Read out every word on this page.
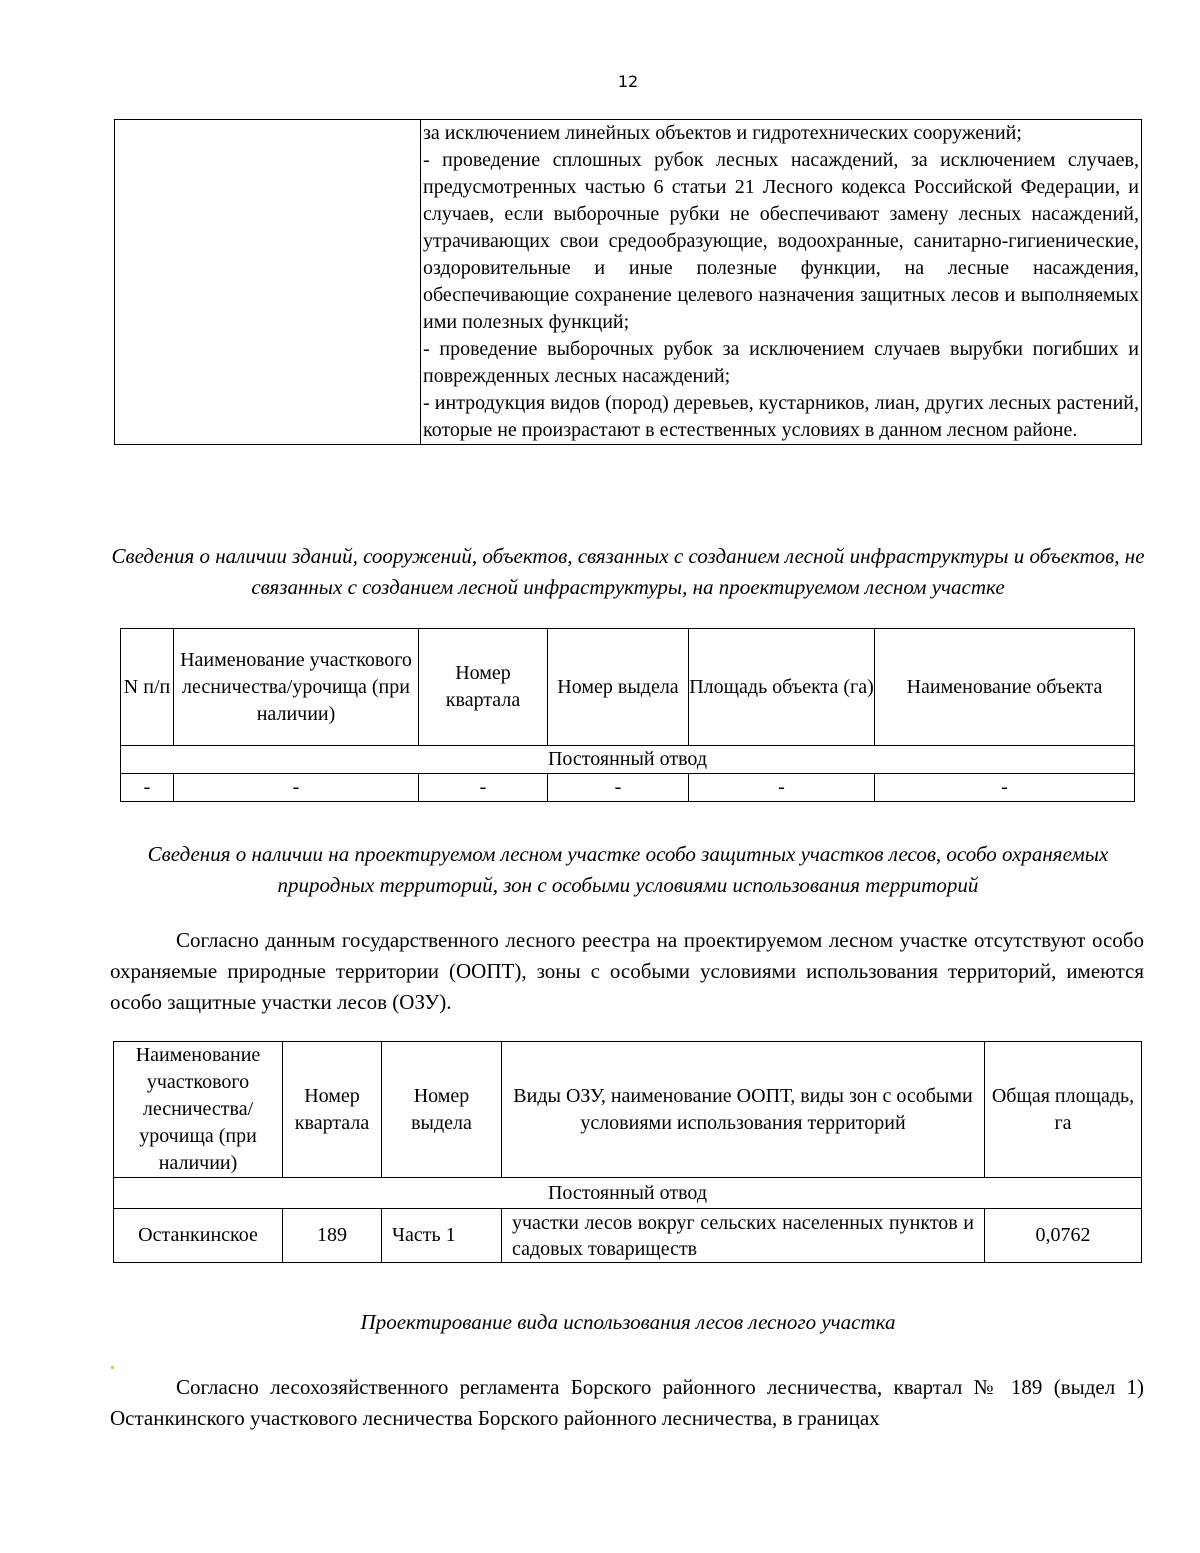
12

за исключением линейных объектов и гидротехнических сооружений;

- проведение сплошных рубок лесных насаждений, за исключением случаев, предусмотренных частью 6 статьи 21 Лесного кодекса Российской Федерации, и случаев, если выборочные рубки не обеспечивают замену лесных насаждений, утрачивающих свои средообразующие, водоохранные, санитарно-гигиенические, оздоровительные и иные полезные функции, на лесные насаждения, обеспечивающие сохранение целевого назначения защитных лесов и выполняемых ими полезных функций;

- проведение выборочных рубок за исключением случаев вырубки погибших и поврежденных лесных насаждений;

- интродукция видов (пород) деревьев, кустарников, лиан, других лесных растений, которые не произрастают в естественных условиях в данном лесном районе.

Сведения о наличии зданий, сооружений, объектов, связанных с созданием лесной инфраструктуры и объектов, не связанных с созданием лесной инфраструктуры, на проектируемом лесном участке
N п/п	Наименование участкового лесничества/урочища (при наличии)	Номер квартала	Номер выдела	Площадь объекта (га)	Наименование объекта
Постоянный отвод					
-	-	-	-	-	-
Сведения о наличии на проектируемом лесном участке особо защитных участков лесов, особо охраняемых природных территорий, зон с особыми условиями использования территорий
Согласно данным государственного лесного реестра на проектируемом лесном участке отсутствуют особо охраняемые природные территории (ООПТ), зоны с особыми условиями использования территорий, имеются особо защитные участки лесов (ОЗУ).
Наименование участкового лесничества/урочища (при наличии)	Номер квартала	Номер выдела	Виды ОЗУ, наименование ООПТ, виды зон с особыми условиями использования территорий	Общая площадь, га
Постоянный отвод				
Останкинское	189	Часть 1	участки лесов вокруг сельских населенных пунктов и садовых товариществ	0,0762
Проектирование вида использования лесов лесного участка
Согласно лесохозяйственного регламента Борского районного лесничества, квартал № 189 (выдел 1) Останкинского участкового лесничества Борского районного лесничества, в границах
